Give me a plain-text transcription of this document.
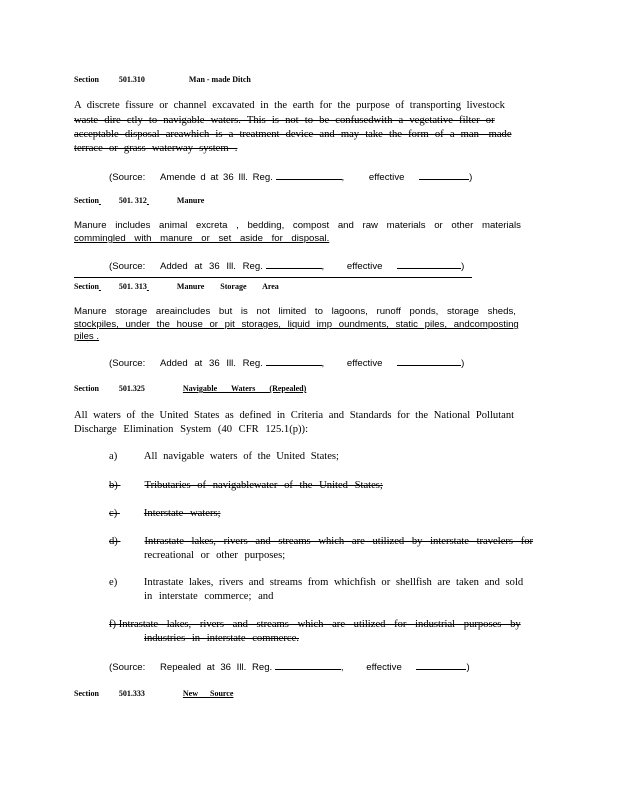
Section	501.310	Man - made Ditch
A discrete fissure or channel excavated in the earth for the purpose of transporting livestock
waste dire ctly to navigable waters. This is not to be confusedwith a vegetative filter or
acceptable disposal areawhich is a treatment device and may take the form of a man- made
terrace or grass waterway system .
(Source: Amende d at 36 Ill. Reg.	,	effective	)
Section	501. 312	Manure
Manure includes animal excreta , bedding, compost and raw materials or other materials
commingled with manure or set aside for disposal.
(Source: Added at 36 Ill. Reg.	, effective	)
Section	501. 313	Manure Storage Area
Manure storage areaincludes but is not limited to lagoons, runoff ponds, storage sheds,
stockpiles, under the house or pit storages, liquid imp oundments, static piles, andcomposting
piles .
(Source: Added at 36 Ill. Reg.	, effective	)
Section	501.325	Navigable Waters (Repealed)
All waters of the United States as defined in Criteria and Standards for the National Pollutant
Discharge Elimination System (40 CFR 125.1(p)):
a)	All navigable waters of the United States;
b)	Tributaries of navigablewater of the United States;
c)	Interstate waters;
d)	Intrastate lakes, rivers and streams which are utilized by interstate travelers for
recreational or other purposes;
e)	Intrastate lakes, rivers and streams from whichfish or shellfish are taken and sold
in interstate commerce; and
f) Intrastate lakes, rivers and streams which are utilized for industrial purposes by
industries in interstate commerce.
(Source: Repealed at 36 Ill. Reg.	, effective	)
Section	501.333	New Source
